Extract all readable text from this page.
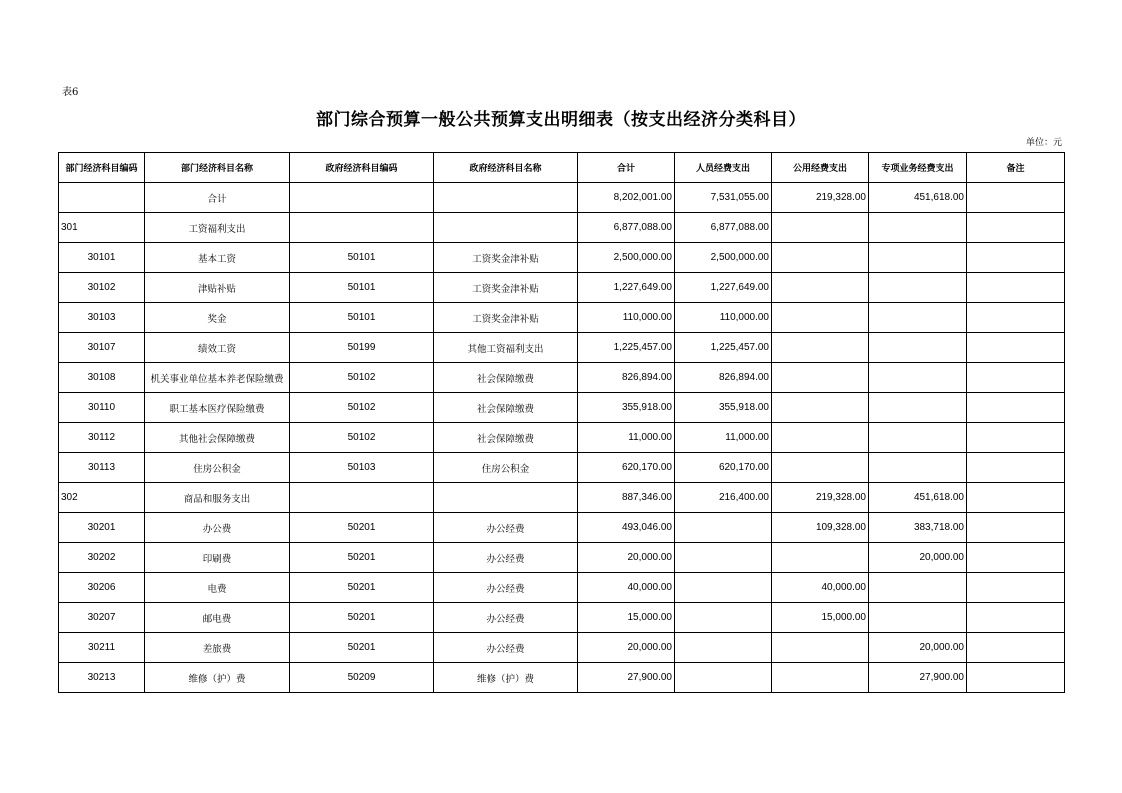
表6
部门综合预算一般公共预算支出明细表（按支出经济分类科目）
单位：元
部门经济科目编码	部门经济科目名称	政府经济科目编码	政府经济科目名称	合计	人员经费支出	公用经费支出	专项业务经费支出	备注
	合计			8,202,001.00	7,531,055.00	219,328.00	451,618.00	
301	工资福利支出			6,877,088.00	6,877,088.00			
30101	基本工资	50101	工资奖金津补贴	2,500,000.00	2,500,000.00			
30102	津贴补贴	50101	工资奖金津补贴	1,227,649.00	1,227,649.00			
30103	奖金	50101	工资奖金津补贴	110,000.00	110,000.00			
30107	绩效工资	50199	其他工资福利支出	1,225,457.00	1,225,457.00			
30108	机关事业单位基本养老保险缴费	50102	社会保障缴费	826,894.00	826,894.00			
30110	职工基本医疗保险缴费	50102	社会保障缴费	355,918.00	355,918.00			
30112	其他社会保障缴费	50102	社会保障缴费	11,000.00	11,000.00			
30113	住房公积金	50103	住房公积金	620,170.00	620,170.00			
302	商品和服务支出			887,346.00	216,400.00	219,328.00	451,618.00	
30201	办公费	50201	办公经费	493,046.00		109,328.00	383,718.00	
30202	印刷费	50201	办公经费	20,000.00			20,000.00	
30206	电费	50201	办公经费	40,000.00		40,000.00		
30207	邮电费	50201	办公经费	15,000.00		15,000.00		
30211	差旅费	50201	办公经费	20,000.00			20,000.00	
30213	维修（护）费	50209	维修（护）费	27,900.00			27,900.00	
